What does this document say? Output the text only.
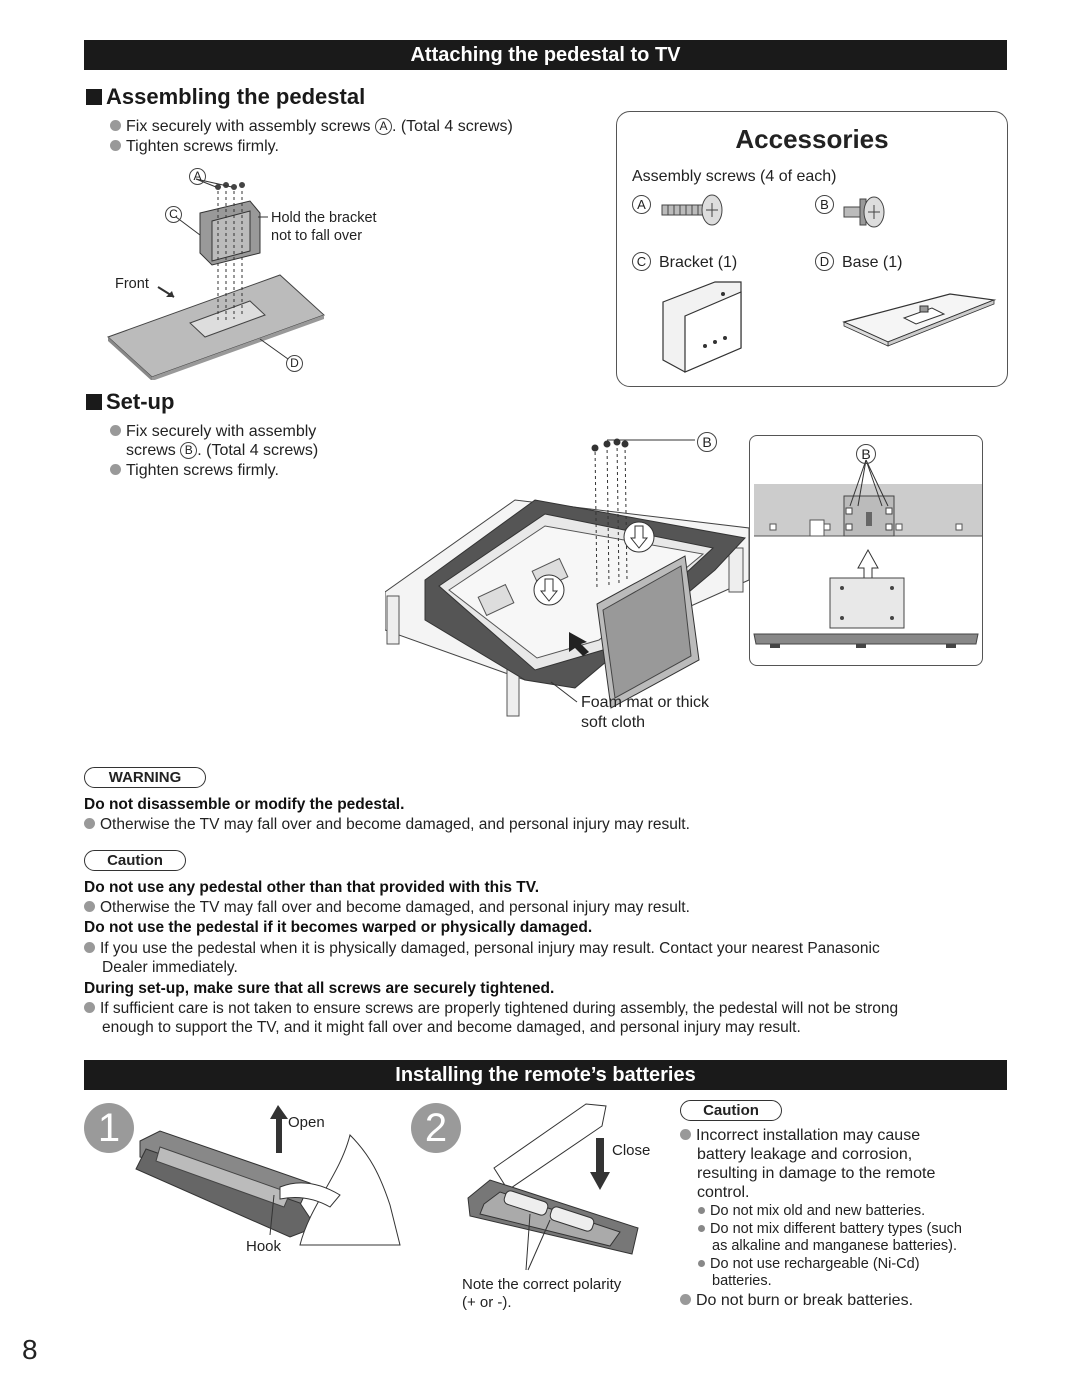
Attaching the pedestal to TV
Assembling the pedestal
Fix securely with assembly screws A . (Total 4 screws)
Tighten screws firmly.
A
C
D
Hold the bracket
not to fall over
Front
Accessories
Assembly screws (4 of each)
A	B
C Bracket (1)	D Base (1)
Set-up
Fix securely with assembly
screws B . (Total 4 screws)
Tighten screws firmly.
B
Foam mat or thick
soft cloth
B
WARNING
Do not disassemble or modify the pedestal.
Otherwise the TV may fall over and become damaged, and personal injury may result.
Caution
Do not use any pedestal other than that provided with this TV.
Otherwise the TV may fall over and become damaged, and personal injury may result.
Do not use the pedestal if it becomes warped or physically damaged.
If you use the pedestal when it is physically damaged, personal injury may result. Contact your nearest Panasonic
Dealer immediately.
During set-up, make sure that all screws are securely tightened.
If sufficient care is not taken to ensure screws are properly tightened during assembly, the pedestal will not be strong
enough to support the TV, and it might fall over and become damaged, and personal injury may result.
Installing the remote’s batteries
1	Open
Hook
2
Close
Note the correct polarity
(+ or -).
Caution
Incorrect installation may cause
battery leakage and corrosion,
resulting in damage to the remote
control.
Do not mix old and new batteries.
Do not mix different battery types (such
as alkaline and manganese batteries).
Do not use rechargeable (Ni-Cd)
batteries.
Do not burn or break batteries.
8
